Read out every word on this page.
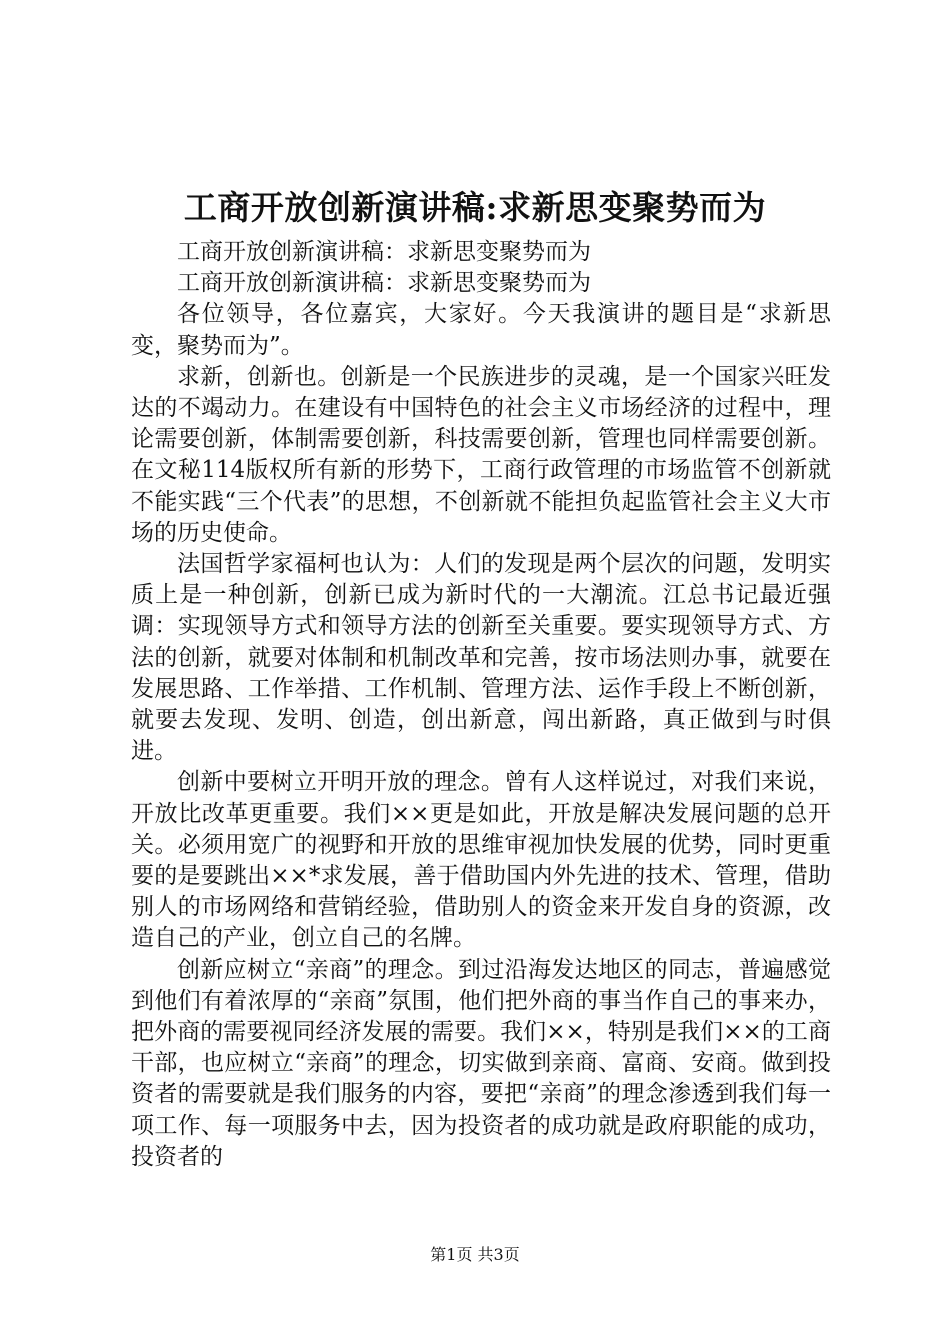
工商开放创新演讲稿:求新思变聚势而为

工商开放创新演讲稿：求新思变聚势而为

工商开放创新演讲稿：求新思变聚势而为

各位领导，各位嘉宾，大家好。今天我演讲的题目是“求新思变，聚势而为”。

求新，创新也。创新是一个民族进步的灵魂，是一个国家兴旺发达的不竭动力。在建设有中国特色的社会主义市场经济的过程中，理论需要创新，体制需要创新，科技需要创新，管理也同样需要创新。在文秘114版权所有新的形势下，工商行政管理的市场监管不创新就不能实践“三个代表”的思想，不创新就不能担负起监管社会主义大市场的历史使命。

法国哲学家福柯也认为：人们的发现是两个层次的问题，发明实质上是一种创新，创新已成为新时代的一大潮流。江总书记最近强调：实现领导方式和领导方法的创新至关重要。要实现领导方式、方法的创新，就要对体制和机制改革和完善，按市场法则办事，就要在发展思路、工作举措、工作机制、管理方法、运作手段上不断创新，就要去发现、发明、创造，创出新意，闯出新路，真正做到与时俱进。

创新中要树立开明开放的理念。曾有人这样说过，对我们来说，开放比改革更重要。我们××更是如此，开放是解决发展问题的总开关。必须用宽广的视野和开放的思维审视加快发展的优势，同时更重要的是要跳出××*求发展，善于借助国内外先进的技术、管理，借助别人的市场网络和营销经验，借助别人的资金来开发自身的资源，改造自己的产业，创立自己的名牌。

创新应树立“亲商”的理念。到过沿海发达地区的同志，普遍感觉到他们有着浓厚的“亲商”氛围，他们把外商的事当作自己的事来办，把外商的需要视同经济发展的需要。我们××，特别是我们××的工商干部，也应树立“亲商”的理念，切实做到亲商、富商、安商。做到投资者的需要就是我们服务的内容，要把“亲商”的理念渗透到我们每一项工作、每一项服务中去，因为投资者的成功就是政府职能的成功，投资者的

第1页 共3页
